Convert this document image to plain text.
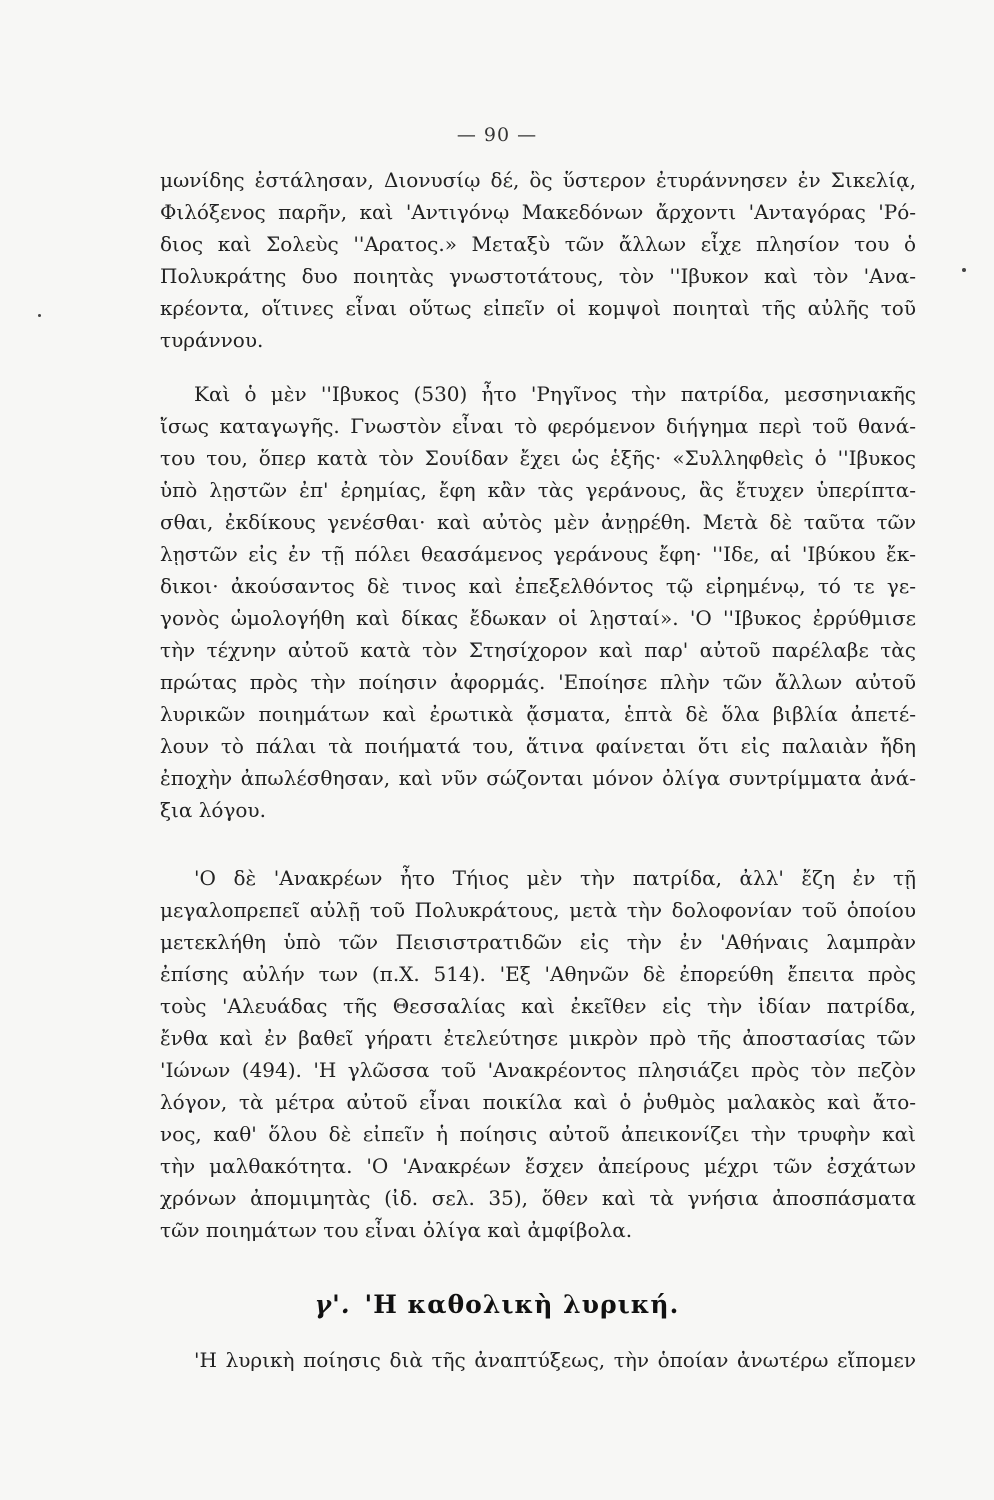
— 90 —
μωνίδης ἐστάλησαν, Διονυσίῳ δέ, ὃς ὕστερον ἐτυράννησεν ἐν Σικελίᾳ,
Φιλόξενος παρῆν, καὶ 'Αντιγόνῳ Μακεδόνων ἄρχοντι 'Ανταγόρας 'Ρό-
διος καὶ Σολεὺς ''Αρατος.» Μεταξὺ τῶν ἄλλων εἶχε πλησίον του ὁ
Πολυκράτης δυο ποιητὰς γνωστοτάτους, τὸν ''Ιβυκον καὶ τὸν 'Ανα-
κρέοντα, οἵτινες εἶναι οὕτως εἰπεῖν οἱ κομψοὶ ποιηταὶ τῆς αὐλῆς τοῦ
τυράννου.
Καὶ ὁ μὲν ''Ιβυκος (530) ἦτο 'Ρηγῖνος τὴν πατρίδα, μεσσηνιακῆς
ἴσως καταγωγῆς. Γνωστὸν εἶναι τὸ φερόμενον διήγημα περὶ τοῦ θανά-
του του, ὅπερ κατὰ τὸν Σουίδαν ἔχει ὡς ἑξῆς· «Συλληφθεὶς ὁ ''Ιβυκος
ὑπὸ λῃστῶν ἐπ' ἐρημίας, ἔφη κἂν τὰς γεράνους, ἃς ἔτυχεν ὑπερίπτα-
σθαι, ἐκδίκους γενέσθαι· καὶ αὐτὸς μὲν ἀνῃρέθη. Μετὰ δὲ ταῦτα τῶν
λῃστῶν εἰς ἐν τῇ πόλει θεασάμενος γεράνους ἔφη· ''Ιδε, αἱ 'Ιβύκου ἔκ-
δικοι· ἀκούσαντος δὲ τινος καὶ ἐπεξελθόντος τῷ εἰρημένῳ, τό τε γε-
γονὸς ὡμολογήθη καὶ δίκας ἔδωκαν οἱ λῃσταί». 'Ο ''Ιβυκος ἐρρύθμισε
τὴν τέχνην αὐτοῦ κατὰ τὸν Στησίχορον καὶ παρ' αὐτοῦ παρέλαβε τὰς
πρώτας πρὸς τὴν ποίησιν ἀφορμάς. 'Εποίησε πλὴν τῶν ἄλλων αὐτοῦ
λυρικῶν ποιημάτων καὶ ἐρωτικὰ ᾄσματα, ἑπτὰ δὲ ὅλα βιβλία ἀπετέ-
λουν τὸ πάλαι τὰ ποιήματά του, ἅτινα φαίνεται ὅτι εἰς παλαιὰν ἤδη
ἐποχὴν ἀπωλέσθησαν, καὶ νῦν σώζονται μόνον ὀλίγα συντρίμματα ἀνά-
ξια λόγου.
'Ο δὲ 'Ανακρέων ἦτο Τήιος μὲν τὴν πατρίδα, ἀλλ' ἔζη ἐν τῇ
μεγαλοπρεπεῖ αὐλῇ τοῦ Πολυκράτους, μετὰ τὴν δολοφονίαν τοῦ ὁποίου
μετεκλήθη ὑπὸ τῶν Πεισιστρατιδῶν εἰς τὴν ἐν 'Αθήναις λαμπρὰν
ἐπίσης αὐλήν των (π.Χ. 514). 'Εξ 'Αθηνῶν δὲ ἐπορεύθη ἔπειτα πρὸς
τοὺς 'Αλευάδας τῆς Θεσσαλίας καὶ ἐκεῖθεν εἰς τὴν ἰδίαν πατρίδα,
ἔνθα καὶ ἐν βαθεῖ γήρατι ἐτελεύτησε μικρὸν πρὸ τῆς ἀποστασίας τῶν
'Ιώνων (494). 'Η γλῶσσα τοῦ 'Ανακρέοντος πλησιάζει πρὸς τὸν πεζὸν
λόγον, τὰ μέτρα αὐτοῦ εἶναι ποικίλα καὶ ὁ ῥυθμὸς μαλακὸς καὶ ἄτο-
νος, καθ' ὅλου δὲ εἰπεῖν ἡ ποίησις αὐτοῦ ἀπεικονίζει τὴν τρυφὴν καὶ
τὴν μαλθακότητα. 'Ο 'Ανακρέων ἔσχεν ἀπείρους μέχρι τῶν ἐσχάτων
χρόνων ἀπομιμητὰς (ἰδ. σελ. 35), ὅθεν καὶ τὰ γνήσια ἀποσπάσματα
τῶν ποιημάτων του εἶναι ὀλίγα καὶ ἀμφίβολα.
γ'. 'Η καθολικὴ λυρική.
'Η λυρικὴ ποίησις διὰ τῆς ἀναπτύξεως, τὴν ὁποίαν ἀνωτέρω εἴπομεν
